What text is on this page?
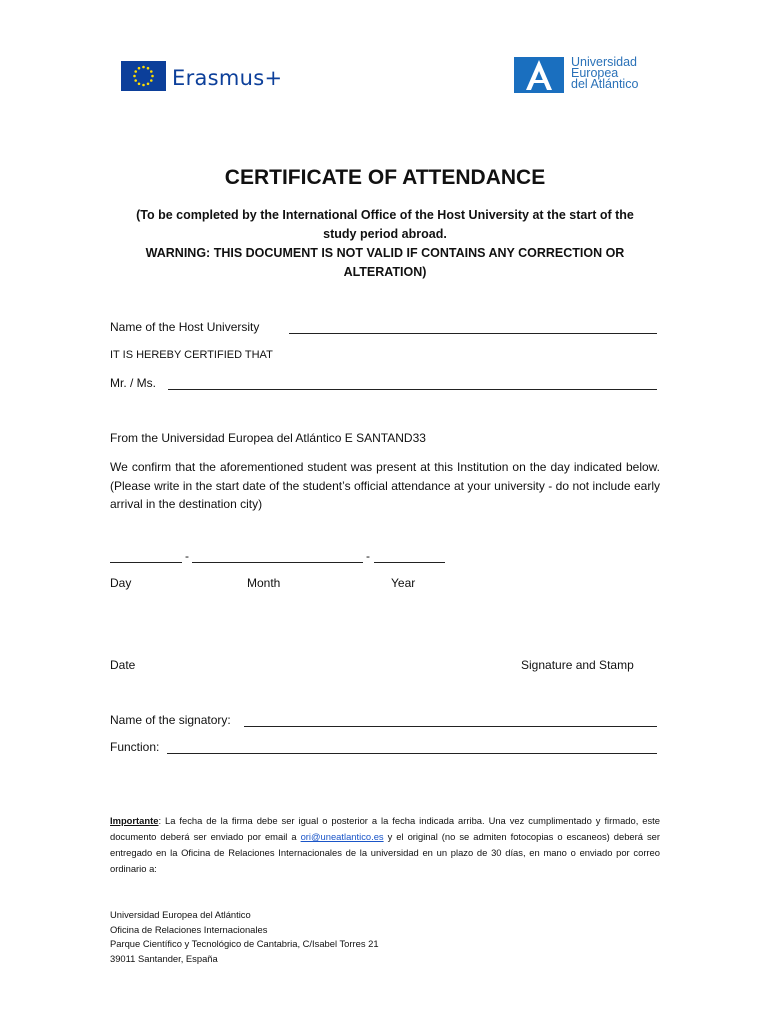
Erasmus+
Universidad
Europea
del Atlántico
CERTIFICATE OF ATTENDANCE
(To be completed by the International Office of the Host University at the start of the
study period abroad.
WARNING: THIS DOCUMENT IS NOT VALID IF CONTAINS ANY CORRECTION OR
ALTERATION)
Name of the Host University
IT IS HEREBY CERTIFIED THAT
Mr. / Ms.
From the Universidad Europea del Atlántico E SANTAND33
We confirm that the aforementioned student was present at this Institution on the day indicated below. (Please write in the start date of the student’s official attendance at your university - do not include early arrival in the destination city)
-	-
Day	Month	Year
Date	Signature and Stamp
Name of the signatory:
Function:
Importante: La fecha de la firma debe ser igual o posterior a la fecha indicada arriba. Una vez cumplimentado y firmado, este documento deberá ser enviado por email a ori@uneatlantico.es y el original (no se admiten fotocopias o escaneos) deberá ser entregado en la Oficina de Relaciones Internacionales de la universidad en un plazo de 30 días, en mano o enviado por correo ordinario a:
Universidad Europea del Atlántico
Oficina de Relaciones Internacionales
Parque Científico y Tecnológico de Cantabria, C/Isabel Torres 21
39011 Santander, España
